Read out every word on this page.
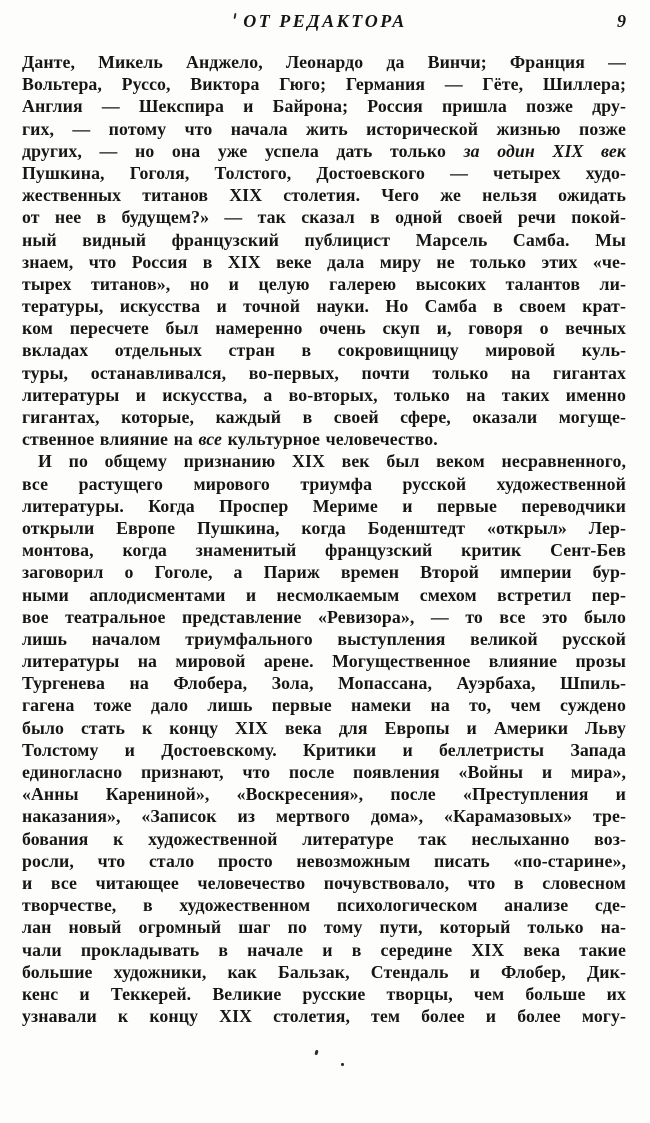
ОТ РЕДАКТОРА	9
Данте, Микель Анджело, Леонардо да Винчи; Франция —
Вольтера, Руссо, Виктора Гюго; Германия — Гёте, Шиллера;
Англия — Шекспира и Байрона; Россия пришла позже дру-
гих, — потому что начала жить исторической жизнью позже
других, — но она уже успела дать только за один XIX век
Пушкина, Гоголя, Толстого, Достоевского — четырех худо-
жественных титанов XIX столетия. Чего же нельзя ожидать
от нее в будущем?» — так сказал в одной своей речи покой-
ный видный французский публицист Марсель Самба. Мы
знаем, что Россия в XIX веке дала миру не только этих «че-
тырех титанов», но и целую галерею высоких талантов ли-
тературы, искусства и точной науки. Но Самба в своем крат-
ком пересчете был намеренно очень скуп и, говоря о вечных
вкладах отдельных стран в сокровищницу мировой куль-
туры, останавливался, во-первых, почти только на гигантах
литературы и искусства, а во-вторых, только на таких именно
гигантах, которые, каждый в своей сфере, оказали могуще-
ственное влияние на все культурное человечество.
И по общему признанию XIX век был веком несравненного,
все растущего мирового триумфа русской художественной
литературы. Когда Проспер Мериме и первые переводчики
открыли Европе Пушкина, когда Боденштедт «открыл» Лер-
монтова, когда знаменитый французский критик Сент-Бев
заговорил о Гоголе, а Париж времен Второй империи бур-
ными аплодисментами и несмолкаемым смехом встретил пер-
вое театральное представление «Ревизора», — то все это было
лишь началом триумфального выступления великой русской
литературы на мировой арене. Могущественное влияние прозы
Тургенева на Флобера, Зола, Мопассана, Ауэрбаха, Шпиль-
гагена тоже дало лишь первые намеки на то, чем суждено
было стать к концу XIX века для Европы и Америки Льву
Толстому и Достоевскому. Критики и беллетристы Запада
единогласно признают, что после появления «Войны и мира»,
«Анны Карениной», «Воскресения», после «Преступления и
наказания», «Записок из мертвого дома», «Карамазовых» тре-
бования к художественной литературе так неслыханно воз-
росли, что стало просто невозможным писать «по-старине»,
и все читающее человечество почувствовало, что в словесном
творчестве, в художественном психологическом анализе сде-
лан новый огромный шаг по тому пути, который только на-
чали прокладывать в начале и в середине XIX века такие
большие художники, как Бальзак, Стендаль и Флобер, Дик-
кенс и Теккерей. Великие русские творцы, чем больше их
узнавали к концу XIX столетия, тем более и более могу-
